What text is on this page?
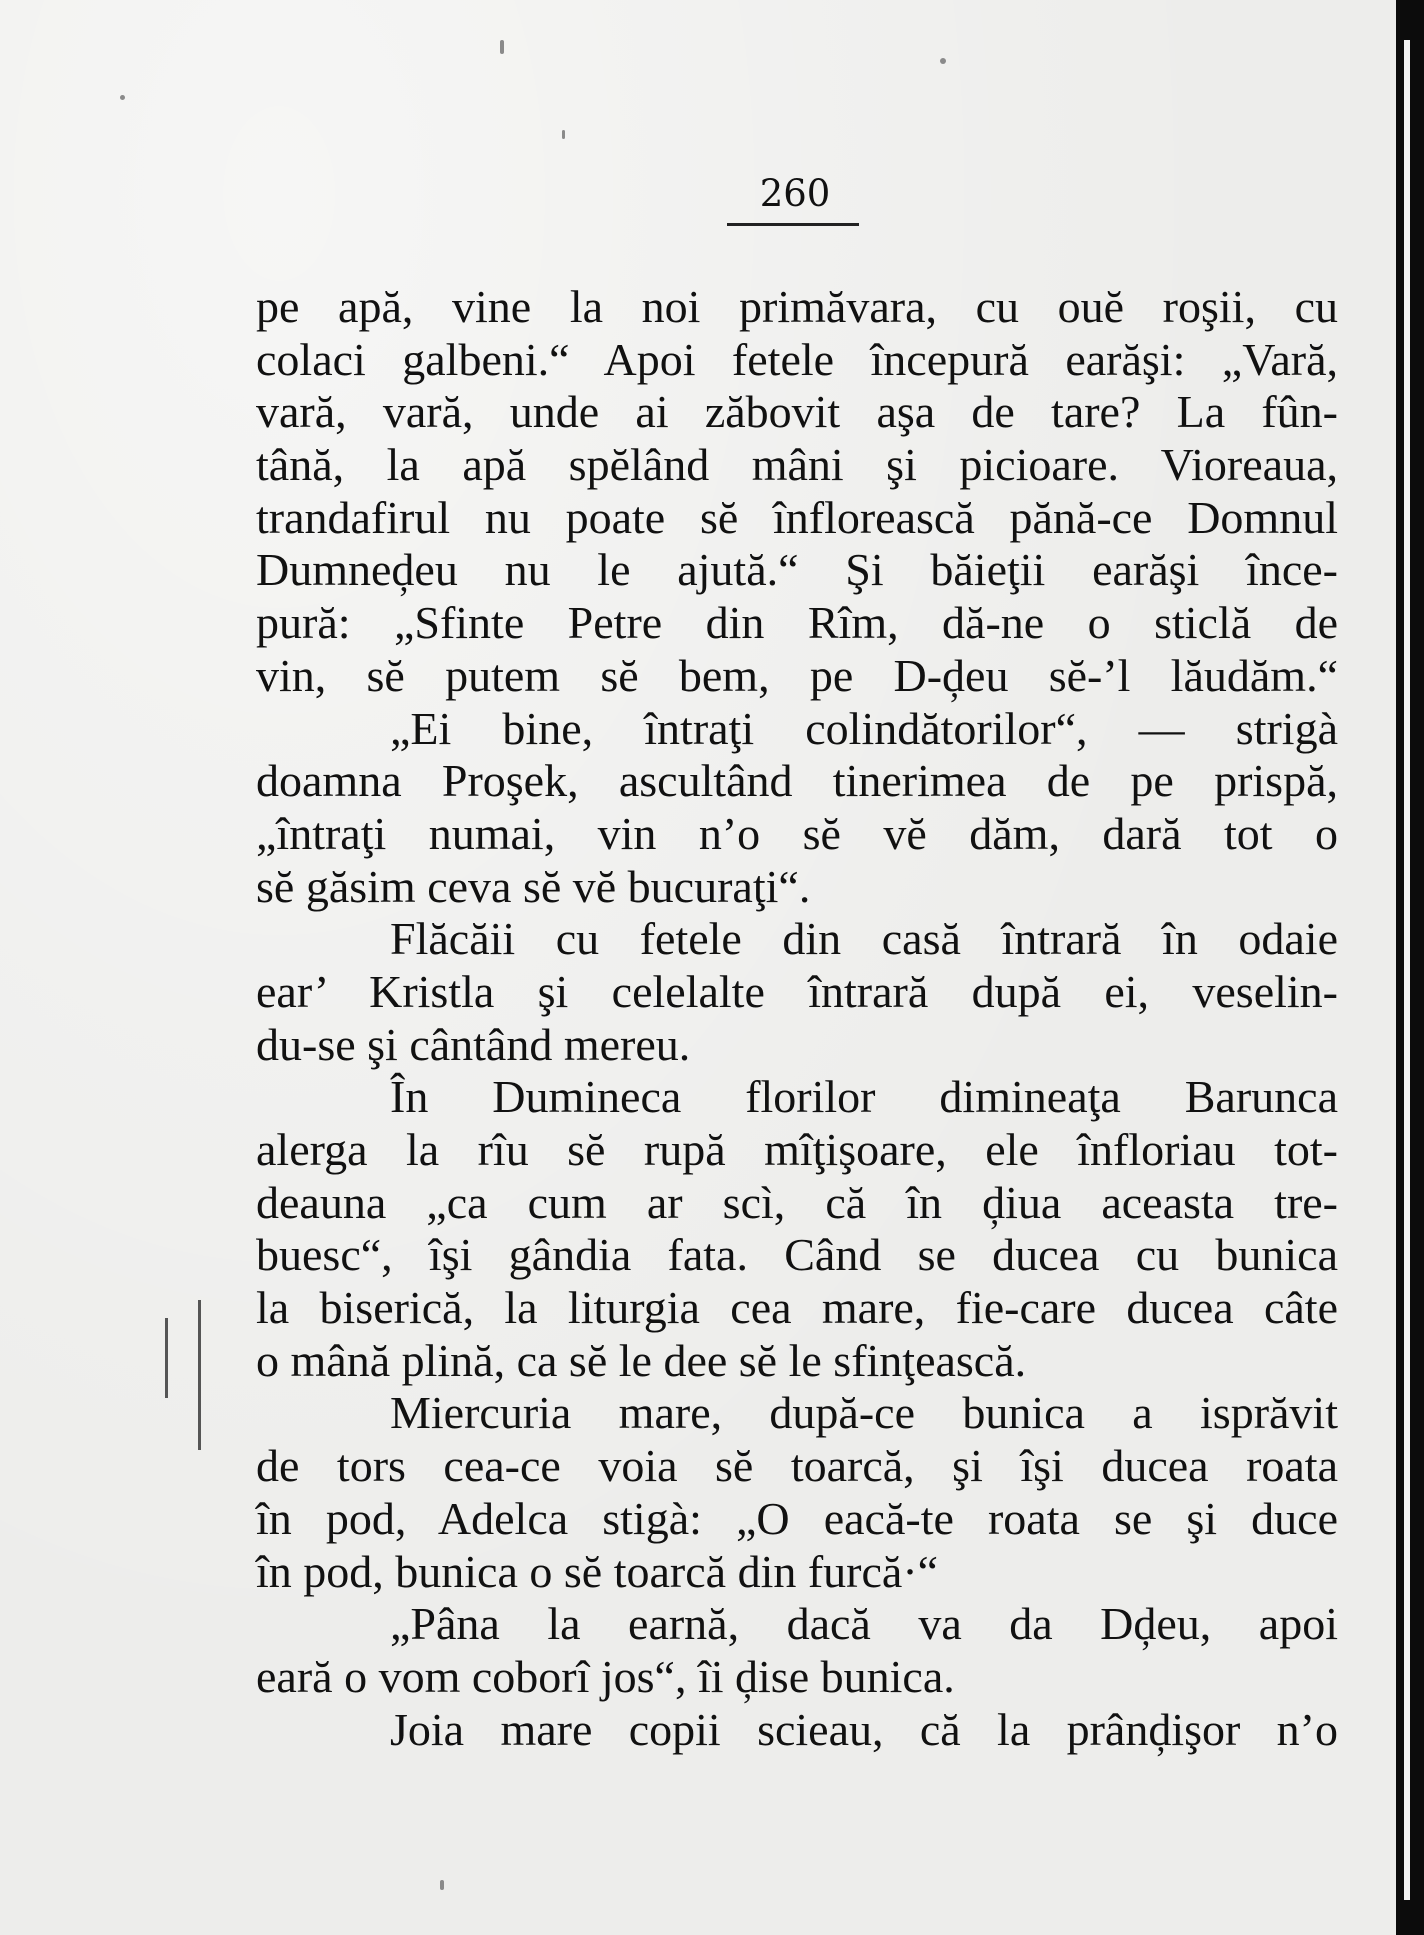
260
pe apă, vine la noi primăvara, cu ouĕ roşii, cu
colaci galbeni.“ Apoi fetele începură earăşi: „Vară,
vară, vară, unde ai zăbovit aşa de tare? La fûn-
tână, la apă spĕlând mâni şi picioare. Vioreaua,
trandafirul nu poate sĕ înflorească pănă-ce Domnul
Dumneḑeu nu le ajută.“ Şi băieţii earăşi înce-
pură: „Sfinte Petre din Rîm, dă-ne o sticlă de
vin, sĕ putem sĕ bem, pe D-ḑeu sĕ-’l lăudăm.“
„Ei bine, întraţi colindătorilor“, — strigà
doamna Proşek, ascultând tinerimea de pe prispă,
„întraţi numai, vin n’o sĕ vĕ dăm, dară tot o
sĕ găsim ceva sĕ vĕ bucuraţi“.
Flăcăii cu fetele din casă întrară în odaie
ear’ Kristla şi celelalte întrară după ei, veselin-
du-se şi cântând mereu.
În Dumineca florilor dimineaţa Barunca
alerga la rîu sĕ rupă mîţişoare, ele înfloriau tot-
deauna „ca cum ar scì, că în ḑiua aceasta tre-
buesc“, îşi gândia fata. Când se ducea cu bunica
la biserică, la liturgia cea mare, fie-care ducea câte
o mână plină, ca sĕ le dee sĕ le sfinţească.
Miercuria mare, după-ce bunica a isprăvit
de tors cea-ce voia sĕ toarcă, şi îşi ducea roata
în pod, Adelca stigà: „O eacă-te roata se şi duce
în pod, bunica o sĕ toarcă din furcă·“
„Pâna la earnă, dacă va da Dḑeu, apoi
eară o vom coborî jos“, îi ḑise bunica.
Joia mare copii scieau, că la prânḑişor n’o
